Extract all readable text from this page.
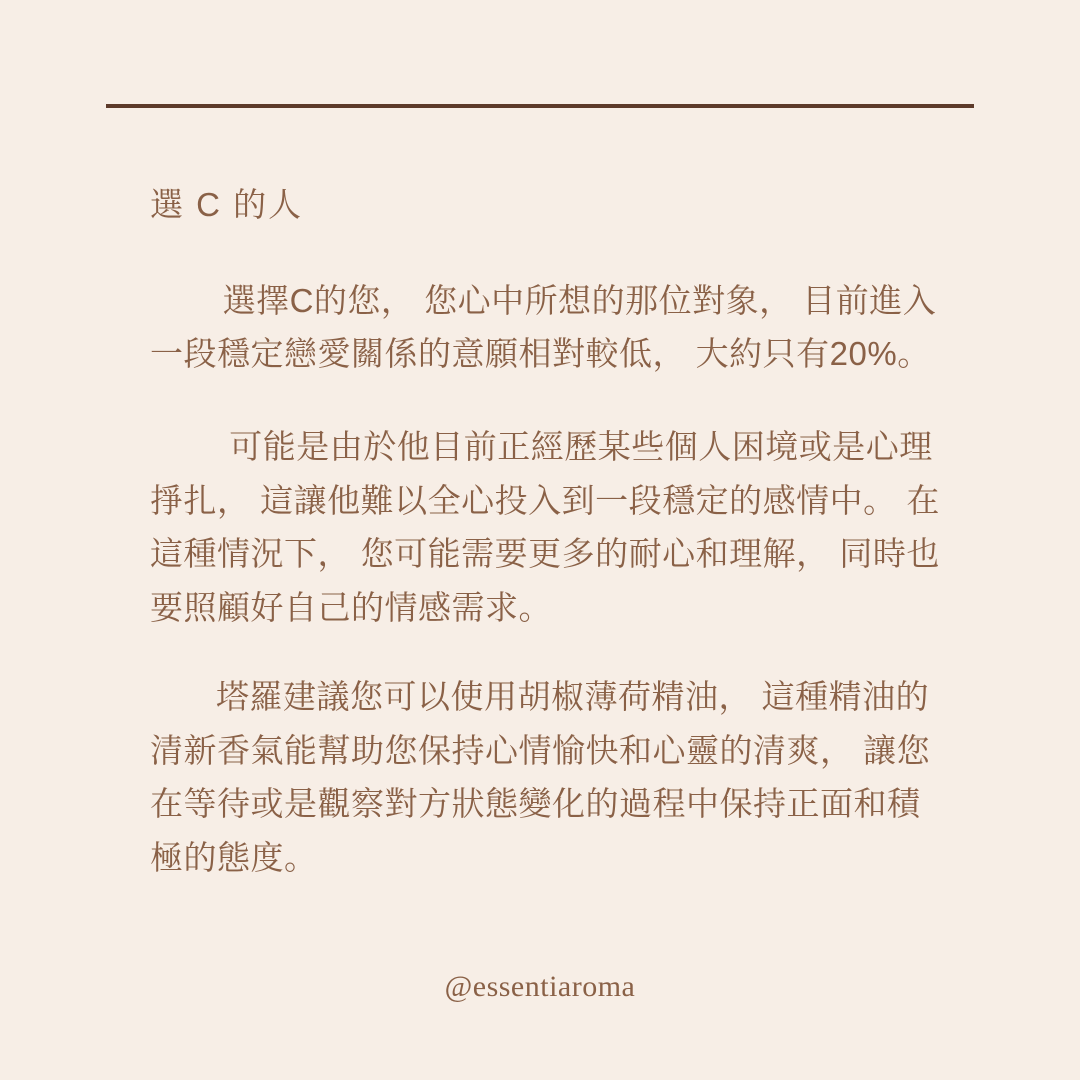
選 C 的人

選擇C的您， 您心中所想的那位對象， 目前進入一段穩定戀愛關係的意願相對較低， 大約只有20%。

可能是由於他目前正經歷某些個人困境或是心理掙扎， 這讓他難以全心投入到一段穩定的感情中。 在這種情況下， 您可能需要更多的耐心和理解， 同時也要照顧好自己的情感需求。

塔羅建議您可以使用胡椒薄荷精油， 這種精油的清新香氣能幫助您保持心情愉快和心靈的清爽， 讓您在等待或是觀察對方狀態變化的過程中保持正面和積極的態度。

@essentiaroma
